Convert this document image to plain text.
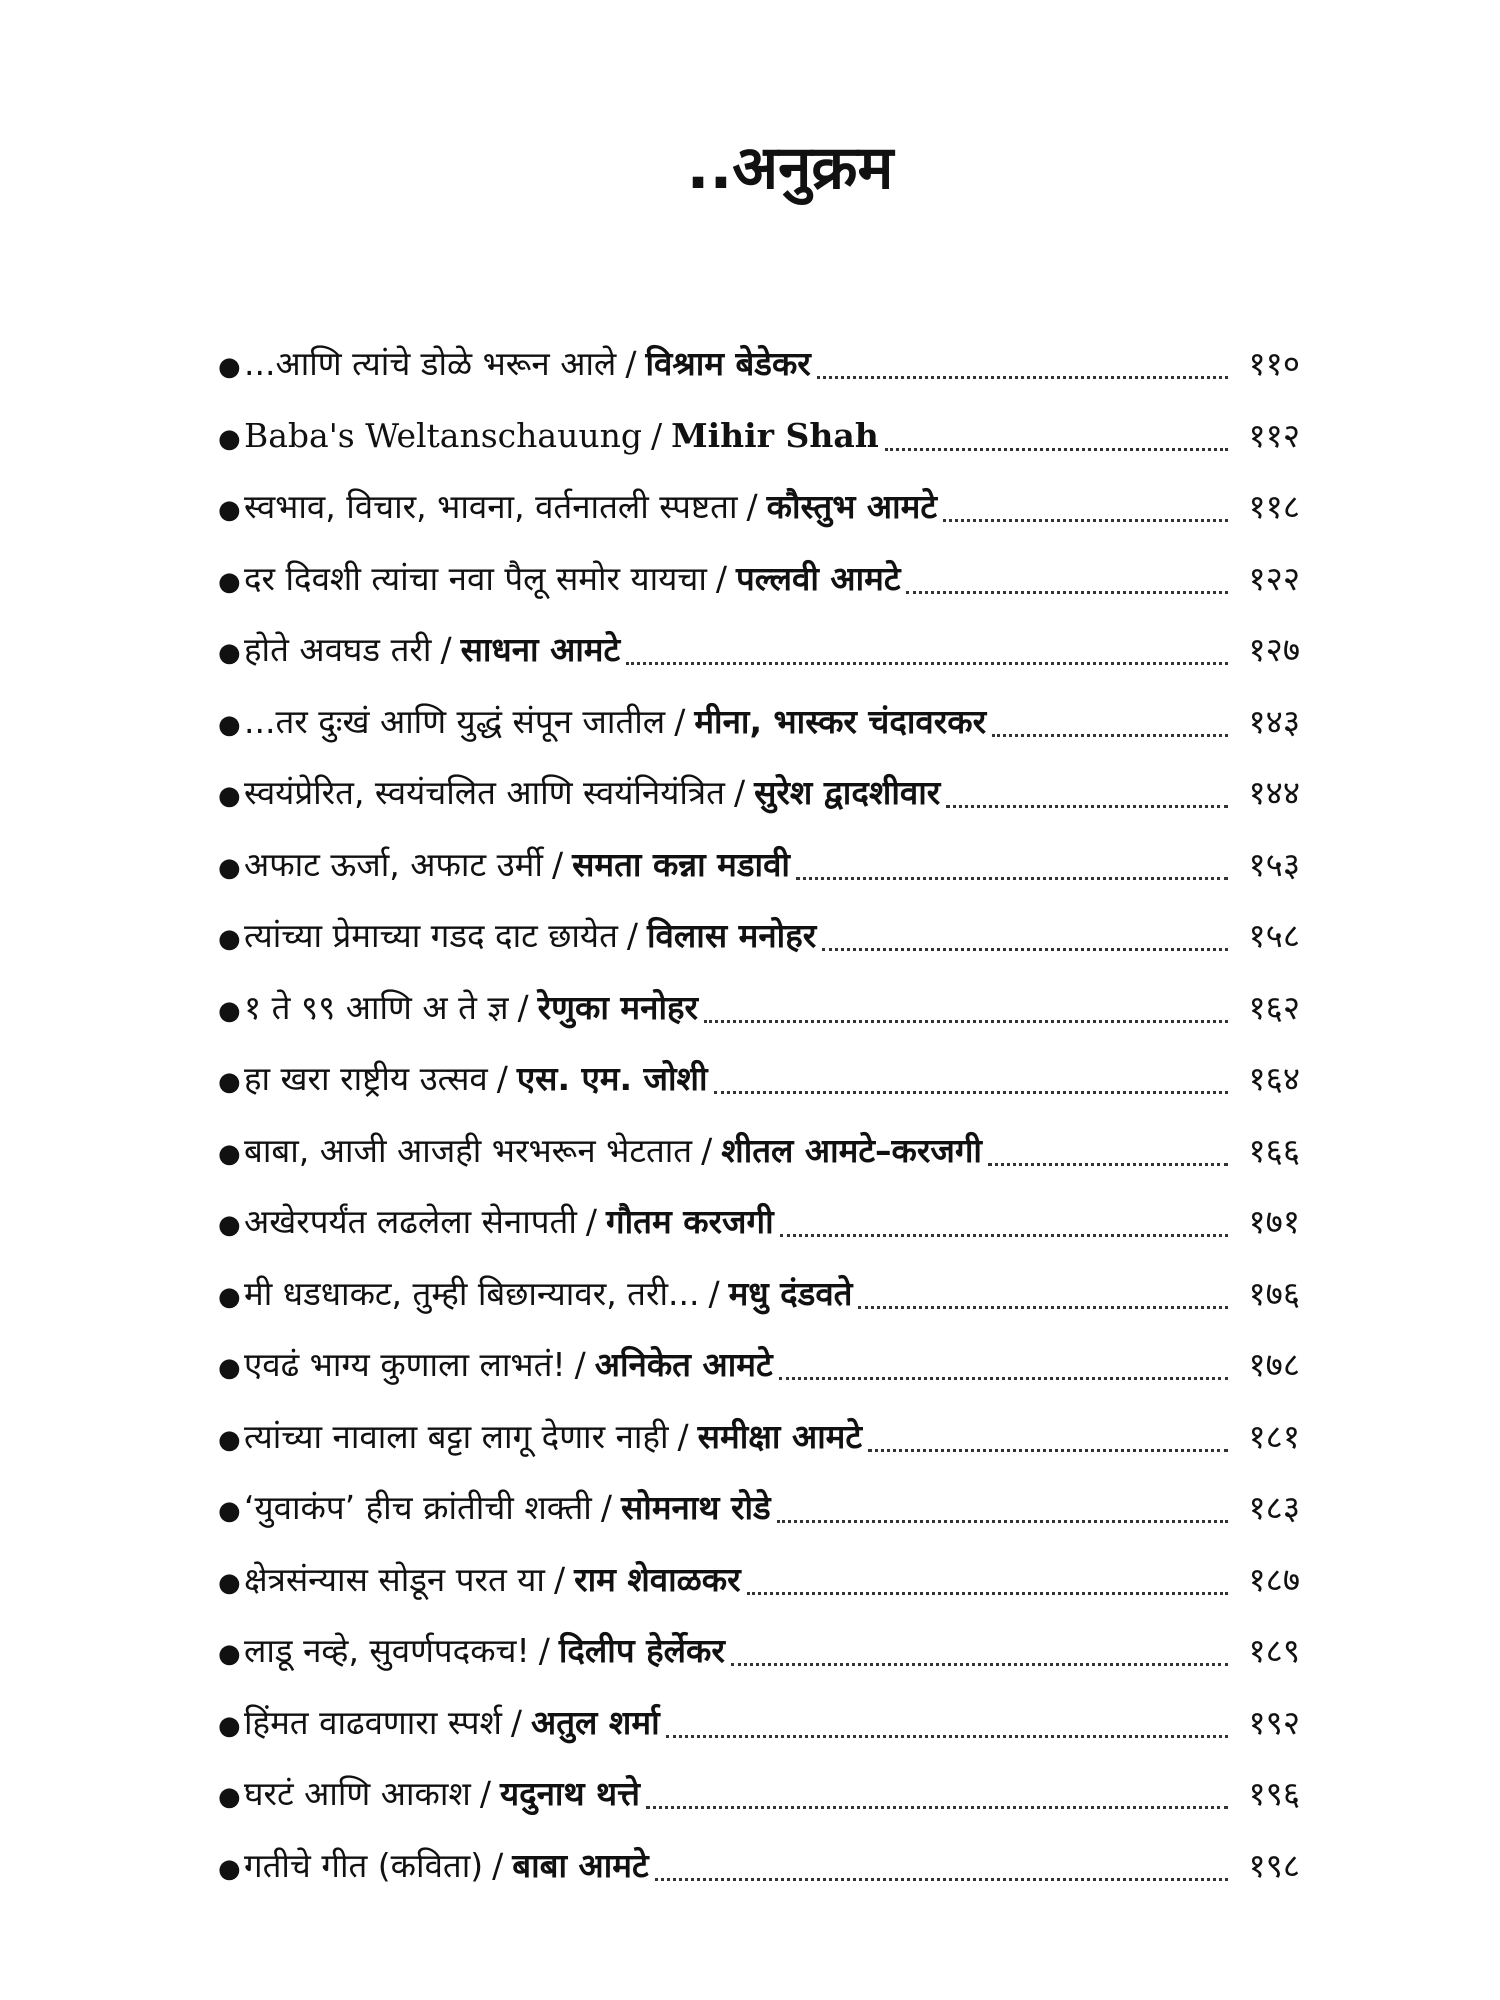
..अनुक्रम
● ...आणि त्यांचे डोळे भरून आले / विश्राम बेडेकर	११०
● Baba's Weltanschauung / Mihir Shah	११२
● स्वभाव, विचार, भावना, वर्तनातली स्पष्टता / कौस्तुभ आमटे	११८
● दर दिवशी त्यांचा नवा पैलू समोर यायचा / पल्लवी आमटे	१२२
● होते अवघड तरी / साधना आमटे	१२७
● ...तर दुःखं आणि युद्धं संपून जातील / मीना, भास्कर चंदावरकर	१४३
● स्वयंप्रेरित, स्वयंचलित आणि स्वयंनियंत्रित / सुरेश द्वादशीवार	१४४
● अफाट ऊर्जा, अफाट उर्मी / समता कन्ना मडावी	१५३
● त्यांच्या प्रेमाच्या गडद दाट छायेत / विलास मनोहर	१५८
● १ ते ९९ आणि अ ते ज्ञ / रेणुका मनोहर	१६२
● हा खरा राष्ट्रीय उत्सव / एस. एम. जोशी	१६४
● बाबा, आजी आजही भरभरून भेटतात / शीतल आमटे–करजगी	१६६
● अखेरपर्यंत लढलेला सेनापती / गौतम करजगी	१७१
● मी धडधाकट, तुम्ही बिछान्यावर, तरी... / मधु दंडवते	१७६
● एवढं भाग्य कुणाला लाभतं! / अनिकेत आमटे	१७८
● त्यांच्या नावाला बट्टा लागू देणार नाही / समीक्षा आमटे	१८१
● ‘युवाकंप’ हीच क्रांतीची शक्ती / सोमनाथ रोडे	१८३
● क्षेत्रसंन्यास सोडून परत या / राम शेवाळकर	१८७
● लाडू नव्हे, सुवर्णपदकच! / दिलीप हेर्लेकर	१८९
● हिंमत वाढवणारा स्पर्श / अतुल शर्मा	१९२
● घरटं आणि आकाश / यदुनाथ थत्ते	१९६
● गतीचे गीत (कविता) / बाबा आमटे	१९८
